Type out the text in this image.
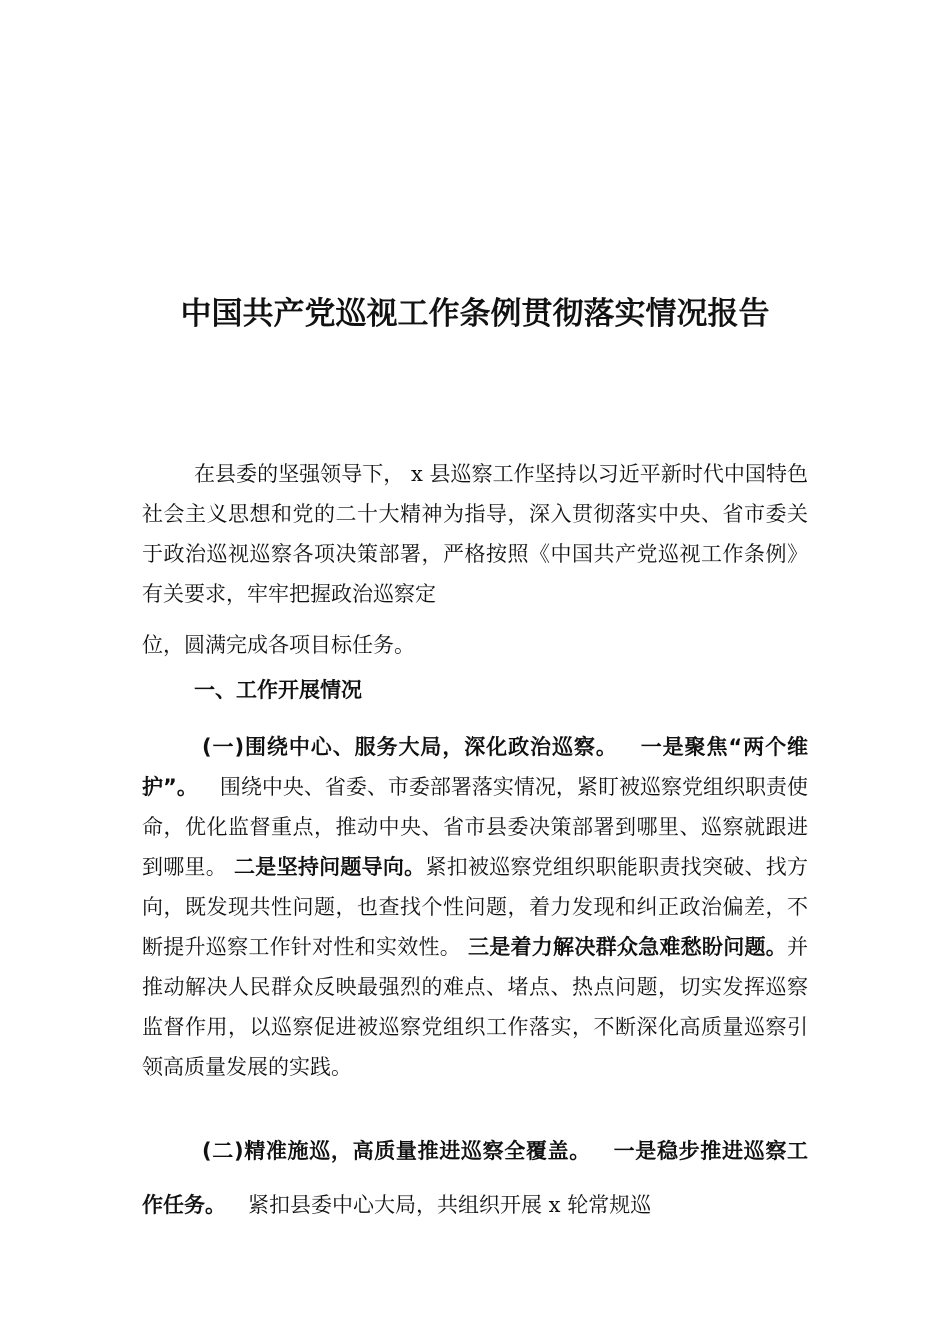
中国共产党巡视工作条例贯彻落实情况报告
在县委的坚强领导下， x 县巡察工作坚持以习近平新时代中国特色社会主义思想和党的二十大精神为指导，深入贯彻落实中央、省市委关于政治巡视巡察各项决策部署，严格按照《中国共产党巡视工作条例》有关要求，牢牢把握政治巡察定
位，圆满完成各项目标任务。
一、工作开展情况
(一)围绕中心、服务大局，深化政治巡察。 一是聚焦“两个维护”。 围绕中央、省委、市委部署落实情况，紧盯被巡察党组织职责使命，优化监督重点，推动中央、省市县委决策部署到哪里、巡察就跟进到哪里。 二是坚持问题导向。紧扣被巡察党组织职能职责找突破、找方向，既发现共性问题，也查找个性问题，着力发现和纠正政治偏差，不断提升巡察工作针对性和实效性。 三是着力解决群众急难愁盼问题。并推动解决人民群众反映最强烈的难点、堵点、热点问题，切实发挥巡察监督作用，以巡察促进被巡察党组织工作落实，不断深化高质量巡察引领高质量发展的实践。
(二)精准施巡，高质量推进巡察全覆盖。 一是稳步推进巡察工作任务。 紧扣县委中心大局，共组织开展 x 轮常规巡
